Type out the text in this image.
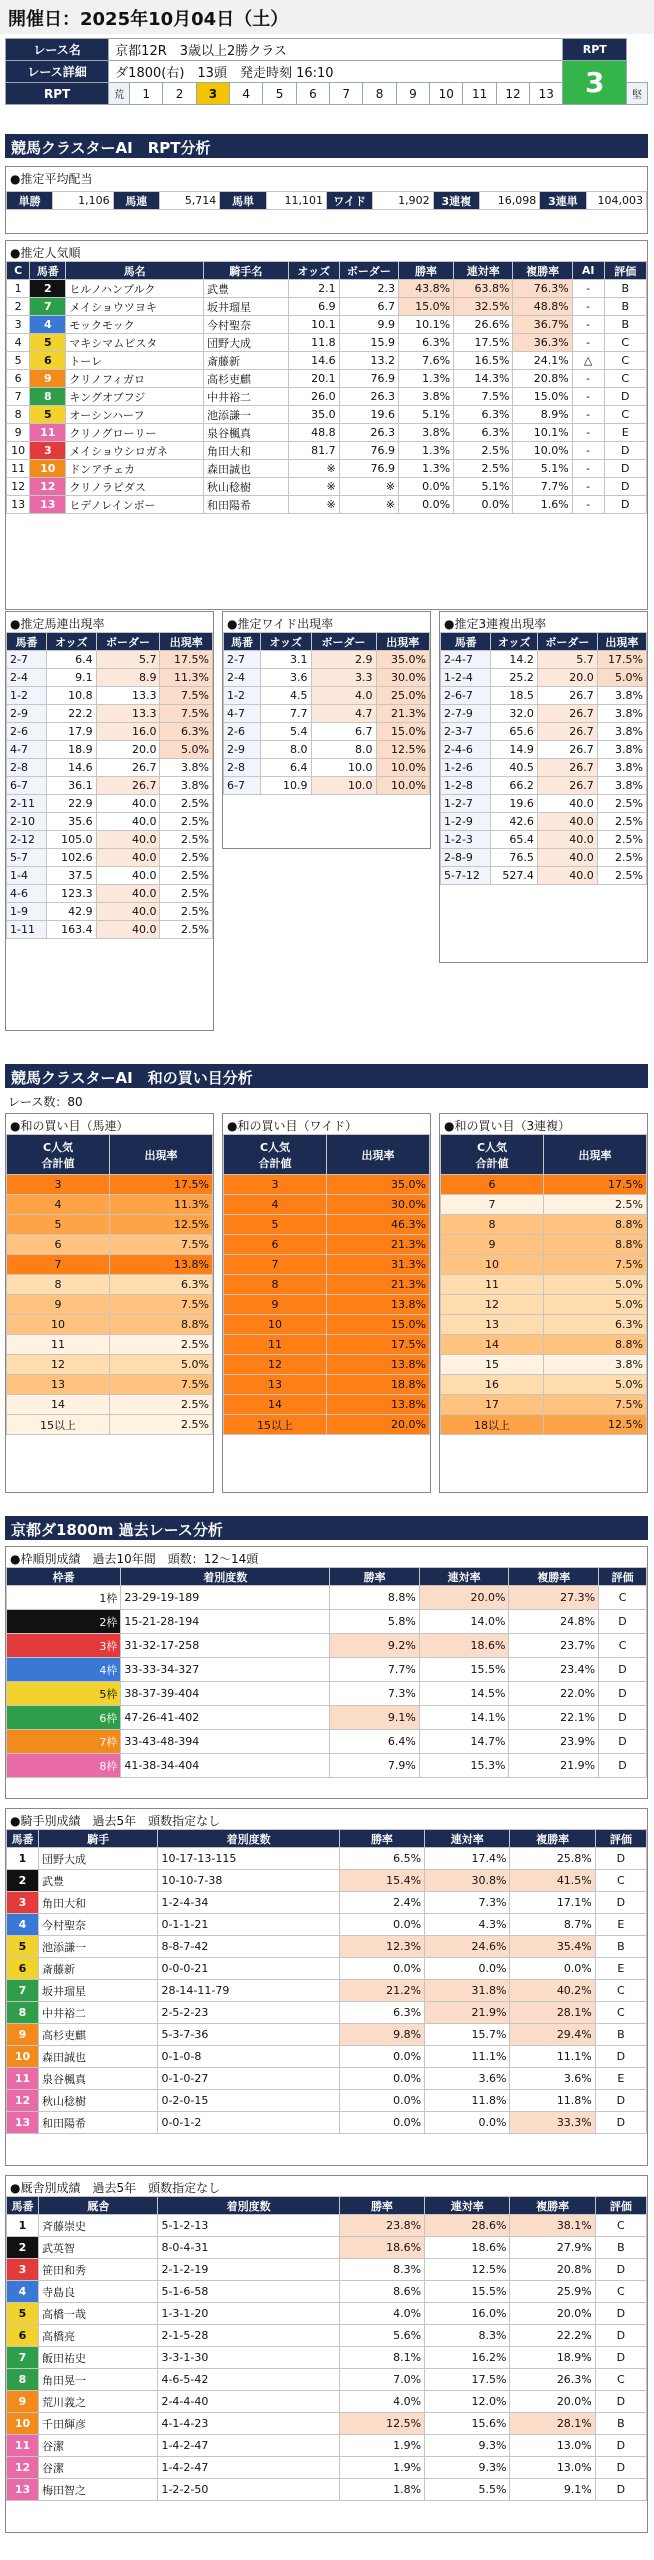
開催日：2025年10月04日（土）
レース名	京都12R　3歳以上2勝クラス														RPT	
レース詳細	ダ1800(右)　13頭　発走時刻 16:10														3	
RPT	荒	1	2	3	4	5	6	7	8	9	10	11	12	13		堅
競馬クラスターAI　RPT分析
●推定平均配当
単勝	1,106	馬連	5,714	馬単	11,101	ワイド	1,902	3連複	16,098	3連単	104,003
●推定人気順
C	馬番	馬名	騎手名	オッズ	ボーダー	勝率	連対率	複勝率	AI	評価
1	2	ヒルノハンブルク	武豊	2.1	2.3	43.8%	63.8%	76.3%	-	B
2	7	メイショウツヨキ	坂井瑠星	6.9	6.7	15.0%	32.5%	48.8%	-	B
3	4	モックモック	今村聖奈	10.1	9.9	10.1%	26.6%	36.7%	-	B
4	5	マキシマムピスタ	団野大成	11.8	15.9	6.3%	17.5%	36.3%	-	C
5	6	トーレ	斎藤新	14.6	13.2	7.6%	16.5%	24.1%	△	C
6	9	クリノフィガロ	高杉吏麒	20.1	76.9	1.3%	14.3%	20.8%	-	C
7	8	キングオブフジ	中井裕二	26.0	26.3	3.8%	7.5%	15.0%	-	D
8	5	オーシンハーフ	池添謙一	35.0	19.6	5.1%	6.3%	8.9%	-	C
9	11	クリノグローリー	泉谷楓真	48.8	26.3	3.8%	6.3%	10.1%	-	E
10	3	メイショウシロガネ	角田大和	81.7	76.9	1.3%	2.5%	10.0%	-	D
11	10	ドンアチェカ	森田誠也	※	76.9	1.3%	2.5%	5.1%	-	D
12	12	クリノラピダス	秋山稔樹	※	※	0.0%	5.1%	7.7%	-	D
13	13	ヒデノレインボー	和田陽希	※	※	0.0%	0.0%	1.6%	-	D
●推定馬連出現率
馬番	オッズ	ボーダー	出現率
2-7	6.4	5.7	17.5%
2-4	9.1	8.9	11.3%
1-2	10.8	13.3	7.5%
2-9	22.2	13.3	7.5%
2-6	17.9	16.0	6.3%
4-7	18.9	20.0	5.0%
2-8	14.6	26.7	3.8%
6-7	36.1	26.7	3.8%
2-11	22.9	40.0	2.5%
2-10	35.6	40.0	2.5%
2-12	105.0	40.0	2.5%
5-7	102.6	40.0	2.5%
1-4	37.5	40.0	2.5%
4-6	123.3	40.0	2.5%
1-9	42.9	40.0	2.5%
1-11	163.4	40.0	2.5%
●推定ワイド出現率
馬番	オッズ	ボーダー	出現率
2-7	3.1	2.9	35.0%
2-4	3.6	3.3	30.0%
1-2	4.5	4.0	25.0%
4-7	7.7	4.7	21.3%
2-6	5.4	6.7	15.0%
2-9	8.0	8.0	12.5%
2-8	6.4	10.0	10.0%
6-7	10.9	10.0	10.0%
●推定3連複出現率
馬番	オッズ	ボーダー	出現率
2-4-7	14.2	5.7	17.5%
1-2-4	25.2	20.0	5.0%
2-6-7	18.5	26.7	3.8%
2-7-9	32.0	26.7	3.8%
2-3-7	65.6	26.7	3.8%
2-4-6	14.9	26.7	3.8%
1-2-6	40.5	26.7	3.8%
1-2-8	66.2	26.7	3.8%
1-2-7	19.6	40.0	2.5%
1-2-9	42.6	40.0	2.5%
1-2-3	65.4	40.0	2.5%
2-8-9	76.5	40.0	2.5%
5-7-12	527.4	40.0	2.5%
競馬クラスターAI　和の買い目分析
レース数：80
●和の買い目（馬連）
C人気
合計値	出現率
3	17.5%
4	11.3%
5	12.5%
6	7.5%
7	13.8%
8	6.3%
9	7.5%
10	8.8%
11	2.5%
12	5.0%
13	7.5%
14	2.5%
15以上	2.5%
●和の買い目（ワイド）
C人気
合計値	出現率
3	35.0%
4	30.0%
5	46.3%
6	21.3%
7	31.3%
8	21.3%
9	13.8%
10	15.0%
11	17.5%
12	13.8%
13	18.8%
14	13.8%
15以上	20.0%
●和の買い目（3連複）
C人気
合計値	出現率
6	17.5%
7	2.5%
8	8.8%
9	8.8%
10	7.5%
11	5.0%
12	5.0%
13	6.3%
14	8.8%
15	3.8%
16	5.0%
17	7.5%
18以上	12.5%
京都ダ1800m 過去レース分析
●枠順別成績　過去10年間　頭数：12～14頭
枠番	着別度数	勝率	連対率	複勝率	評価
1枠	23-29-19-189	8.8%	20.0%	27.3%	C
2枠	15-21-28-194	5.8%	14.0%	24.8%	D
3枠	31-32-17-258	9.2%	18.6%	23.7%	C
4枠	33-33-34-327	7.7%	15.5%	23.4%	D
5枠	38-37-39-404	7.3%	14.5%	22.0%	D
6枠	47-26-41-402	9.1%	14.1%	22.1%	D
7枠	33-43-48-394	6.4%	14.7%	23.9%	D
8枠	41-38-34-404	7.9%	15.3%	21.9%	D
●騎手別成績　過去5年　頭数指定なし
馬番	騎手	着別度数	勝率	連対率	複勝率	評価
1	団野大成	10-17-13-115	6.5%	17.4%	25.8%	D
2	武豊	10-10-7-38	15.4%	30.8%	41.5%	C
3	角田大和	1-2-4-34	2.4%	7.3%	17.1%	D
4	今村聖奈	0-1-1-21	0.0%	4.3%	8.7%	E
5	池添謙一	8-8-7-42	12.3%	24.6%	35.4%	B
6	斎藤新	0-0-0-21	0.0%	0.0%	0.0%	E
7	坂井瑠星	28-14-11-79	21.2%	31.8%	40.2%	C
8	中井裕二	2-5-2-23	6.3%	21.9%	28.1%	C
9	高杉吏麒	5-3-7-36	9.8%	15.7%	29.4%	B
10	森田誠也	0-1-0-8	0.0%	11.1%	11.1%	D
11	泉谷楓真	0-1-0-27	0.0%	3.6%	3.6%	E
12	秋山稔樹	0-2-0-15	0.0%	11.8%	11.8%	D
13	和田陽希	0-0-1-2	0.0%	0.0%	33.3%	D
●厩舎別成績　過去5年　頭数指定なし
馬番	厩舎	着別度数	勝率	連対率	複勝率	評価
1	斉藤崇史	5-1-2-13	23.8%	28.6%	38.1%	C
2	武英智	8-0-4-31	18.6%	18.6%	27.9%	B
3	笹田和秀	2-1-2-19	8.3%	12.5%	20.8%	D
4	寺島良	5-1-6-58	8.6%	15.5%	25.9%	C
5	高橋一哉	1-3-1-20	4.0%	16.0%	20.0%	D
6	高橋亮	2-1-5-28	5.6%	8.3%	22.2%	D
7	飯田祐史	3-3-1-30	8.1%	16.2%	18.9%	D
8	角田晃一	4-6-5-42	7.0%	17.5%	26.3%	C
9	荒川義之	2-4-4-40	4.0%	12.0%	20.0%	D
10	千田輝彦	4-1-4-23	12.5%	15.6%	28.1%	B
11	谷潔	1-4-2-47	1.9%	9.3%	13.0%	D
12	谷潔	1-4-2-47	1.9%	9.3%	13.0%	D
13	梅田智之	1-2-2-50	1.8%	5.5%	9.1%	D
